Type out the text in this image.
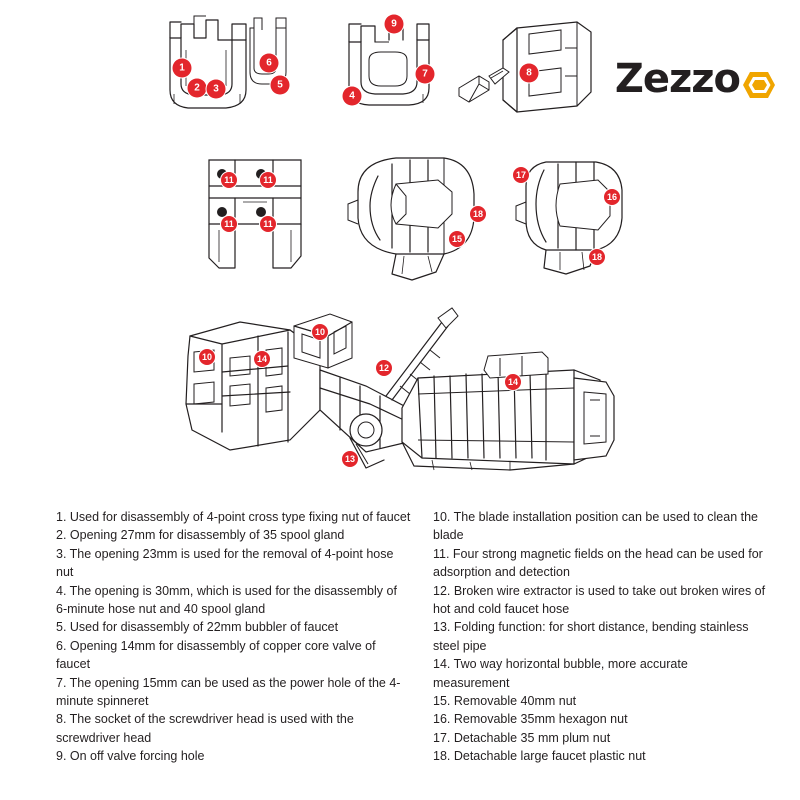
Zezzo
1
2	3
4
5
6
7	8
9
11	11
11	11
15
18
16
17
18
10
10	14
12
14
13

1. Used for disassembly of 4-point cross type fixing nut of faucet

2. Opening 27mm for disassembly of 35 spool gland

3. The opening 23mm is used for the removal of 4-point hose nut

4. The opening is 30mm, which is used for the disassembly of 6-minute hose nut and 40 spool gland

5. Used for disassembly of 22mm bubbler of faucet

6. Opening 14mm for disassembly of copper core valve of faucet

7. The opening 15mm can be used as the power hole of the 4-minute spinneret

8. The socket of the screwdriver head is used with the screwdriver head

9. On off valve forcing hole

10. The blade installation position can be used to clean the blade

11. Four strong magnetic fields on the head can be used for adsorption and detection

12. Broken wire extractor is used to take out broken wires of hot and cold faucet hose

13. Folding function: for short distance, bending stainless steel pipe

14. Two way horizontal bubble, more accurate measurement

15. Removable 40mm nut

16. Removable 35mm hexagon nut

17. Detachable 35 mm plum nut

18. Detachable large faucet plastic nut
